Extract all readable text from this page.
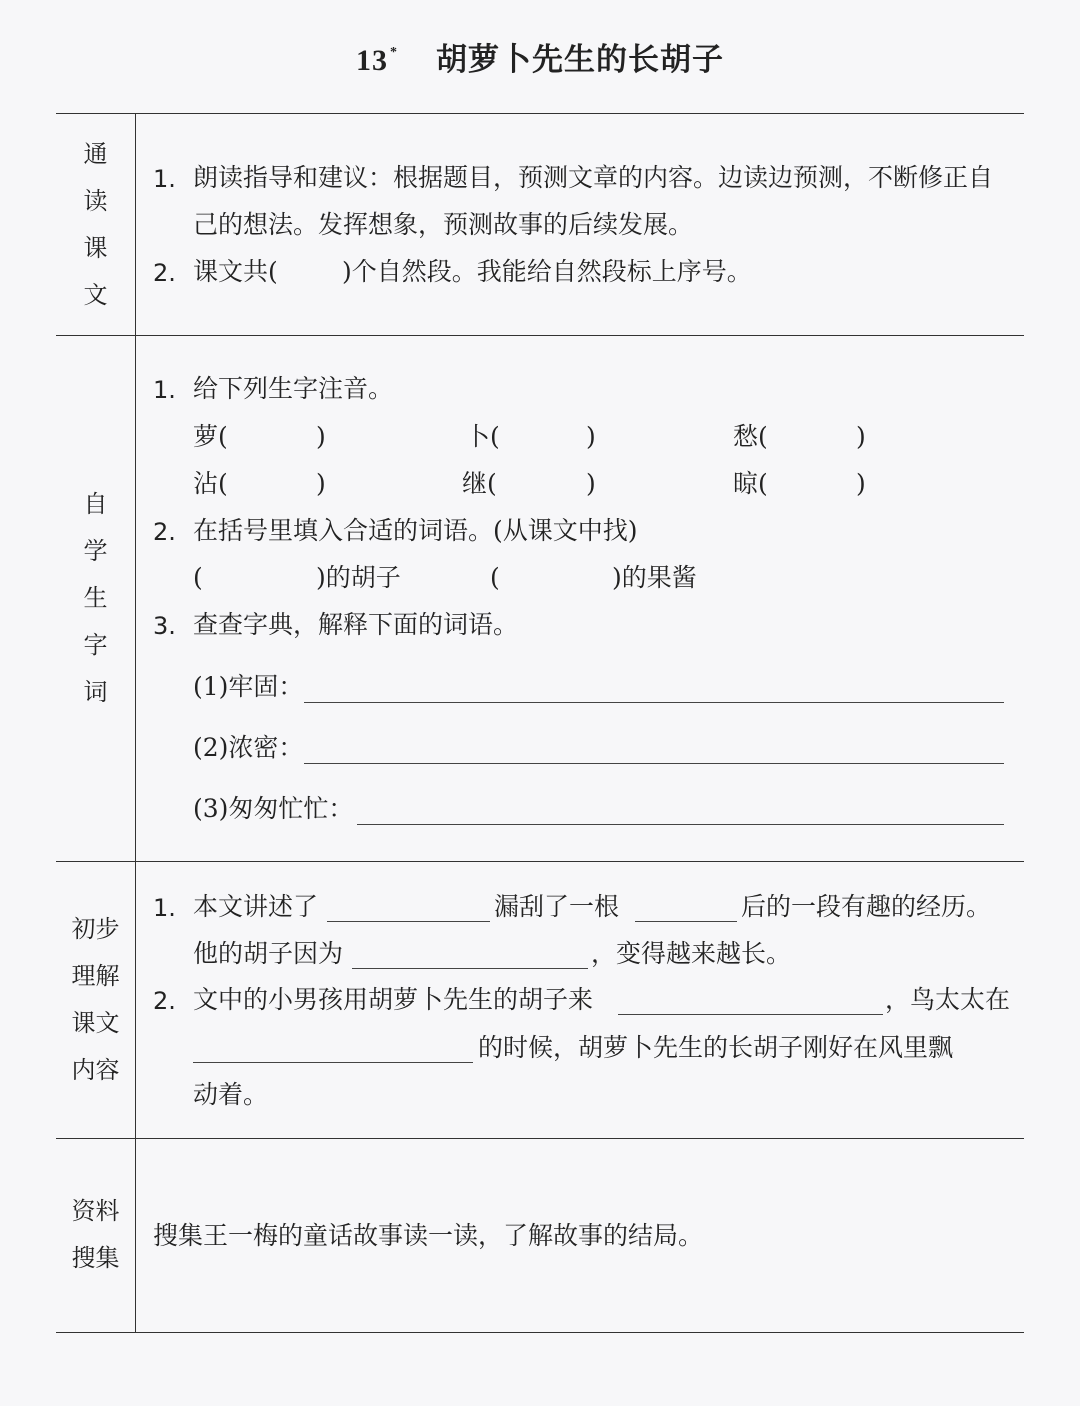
13 * 胡萝卜先生的长胡子
通
读
课
文
1. 朗读指导和建议：根据题目，预测文章的内容。边读边预测，不断修正自
己的想法。发挥想象，预测故事的后续发展。
2. 课文共(	)个自然段。我能给自然段标上序号。
自
学
生
字
词
1. 给下列生字注音。
萝(	)	卜(	)	愁(	)
沾(	)	继(	)	晾(	)
2. 在括号里填入合适的词语。(从课文中找)
(	)的胡子	(	)的果酱
3. 查查字典，解释下面的词语。
(1)牢固：
(2)浓密：
(3)匆匆忙忙：
初步
理解
课文
内容
1. 本文讲述了	漏刮了一根	后的一段有趣的经历。
他的胡子因为	，变得越来越长。
2. 文中的小男孩用胡萝卜先生的胡子来	，鸟太太在
的时候，胡萝卜先生的长胡子刚好在风里飘
动着。
资料
搜集
搜集王一梅的童话故事读一读，了解故事的结局。
